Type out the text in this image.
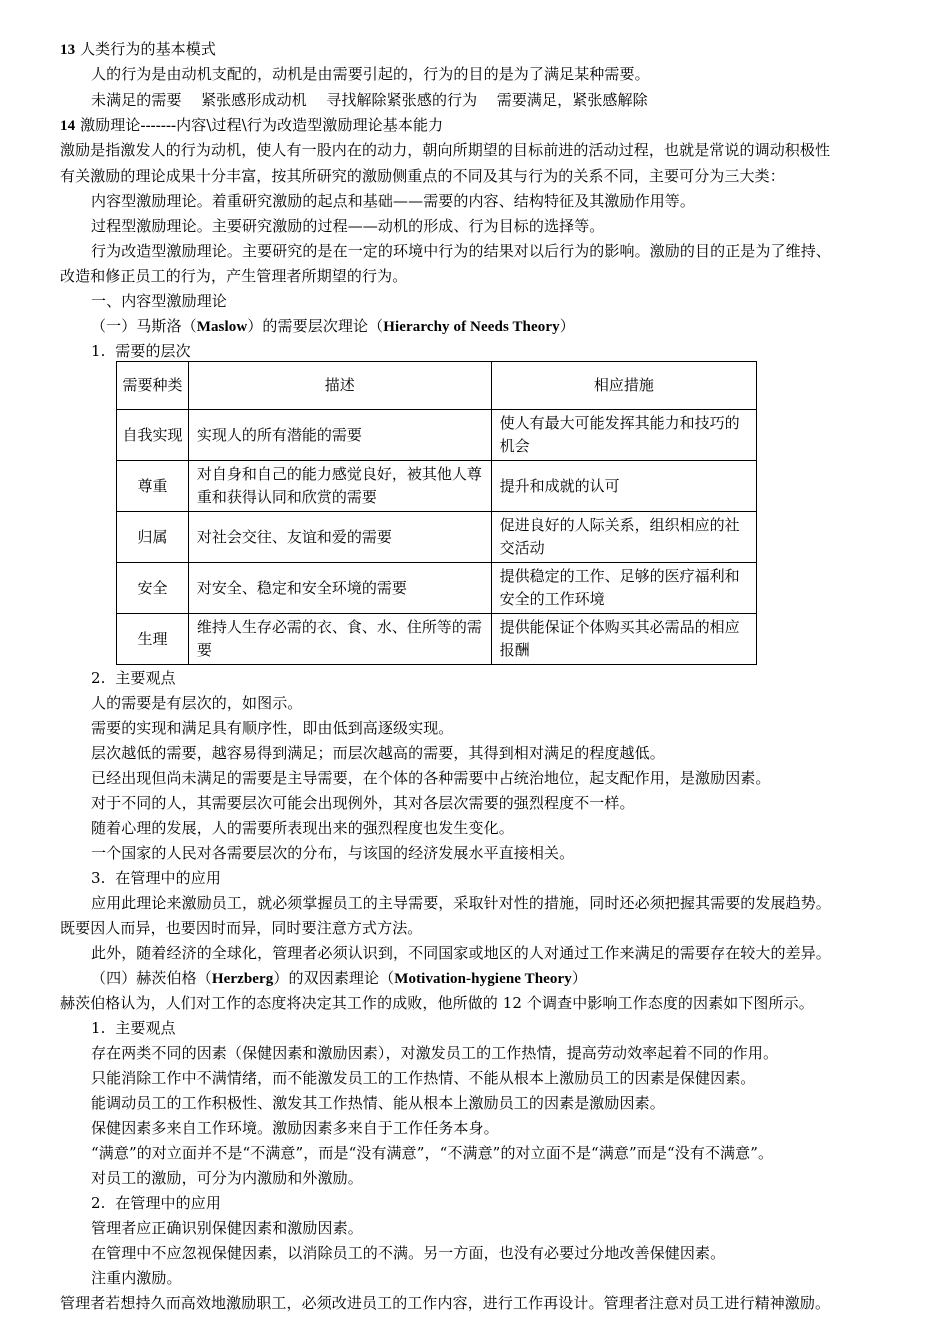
13 人类行为的基本模式
人的行为是由动机支配的，动机是由需要引起的，行为的目的是为了满足某种需要。
未满足的需要    紧张感形成动机    寻找解除紧张感的行为    需要满足，紧张感解除
14 激励理论-------内容\过程\行为改造型激励理论基本能力
激励是指激发人的行为动机，使人有一股内在的动力，朝向所期望的目标前进的活动过程，也就是常说的调动积极性
有关激励的理论成果十分丰富，按其所研究的激励侧重点的不同及其与行为的关系不同，主要可分为三大类：
内容型激励理论。着重研究激励的起点和基础——需要的内容、结构特征及其激励作用等。
过程型激励理论。主要研究激励的过程——动机的形成、行为目标的选择等。
行为改造型激励理论。主要研究的是在一定的环境中行为的结果对以后行为的影响。激励的目的正是为了维持、
改造和修正员工的行为，产生管理者所期望的行为。
一、内容型激励理论
（一）马斯洛（Maslow）的需要层次理论（Hierarchy of Needs Theory）
1.  需要的层次
需要种类	描述	相应措施
自我实现	实现人的所有潜能的需要	使人有最大可能发挥其能力和技巧的机会
尊重	对自身和自己的能力感觉良好，被其他人尊重和获得认同和欣赏的需要	提升和成就的认可
归属	对社会交往、友谊和爱的需要	促进良好的人际关系，组织相应的社交活动
安全	对安全、稳定和安全环境的需要	提供稳定的工作、足够的医疗福利和安全的工作环境
生理	维持人生存必需的衣、食、水、住所等的需要	提供能保证个体购买其必需品的相应报酬
2.  主要观点
人的需要是有层次的，如图示。
需要的实现和满足具有顺序性，即由低到高逐级实现。
层次越低的需要，越容易得到满足；而层次越高的需要，其得到相对满足的程度越低。
已经出现但尚未满足的需要是主导需要，在个体的各种需要中占统治地位，起支配作用，是激励因素。
对于不同的人，其需要层次可能会出现例外，其对各层次需要的强烈程度不一样。
随着心理的发展，人的需要所表现出来的强烈程度也发生变化。
一个国家的人民对各需要层次的分布，与该国的经济发展水平直接相关。
3.  在管理中的应用
应用此理论来激励员工，就必须掌握员工的主导需要，采取针对性的措施，同时还必须把握其需要的发展趋势。
既要因人而异，也要因时而异，同时要注意方式方法。
此外，随着经济的全球化，管理者必须认识到，不同国家或地区的人对通过工作来满足的需要存在较大的差异。
（四）赫茨伯格（Herzberg）的双因素理论（Motivation-hygiene Theory）
赫茨伯格认为，人们对工作的态度将决定其工作的成败，他所做的 12 个调查中影响工作态度的因素如下图所示。
1.  主要观点
存在两类不同的因素（保健因素和激励因素），对激发员工的工作热情，提高劳动效率起着不同的作用。
只能消除工作中不满情绪，而不能激发员工的工作热情、不能从根本上激励员工的因素是保健因素。
能调动员工的工作积极性、激发其工作热情、能从根本上激励员工的因素是激励因素。
保健因素多来自工作环境。激励因素多来自于工作任务本身。
“满意”的对立面并不是“不满意”，而是“没有满意”，“不满意”的对立面不是“满意”而是“没有不满意”。
对员工的激励，可分为内激励和外激励。
2.  在管理中的应用
管理者应正确识别保健因素和激励因素。
在管理中不应忽视保健因素，以消除员工的不满。另一方面，也没有必要过分地改善保健因素。
注重内激励。
管理者若想持久而高效地激励职工，必须改进员工的工作内容，进行工作再设计。管理者注意对员工进行精神激励。
